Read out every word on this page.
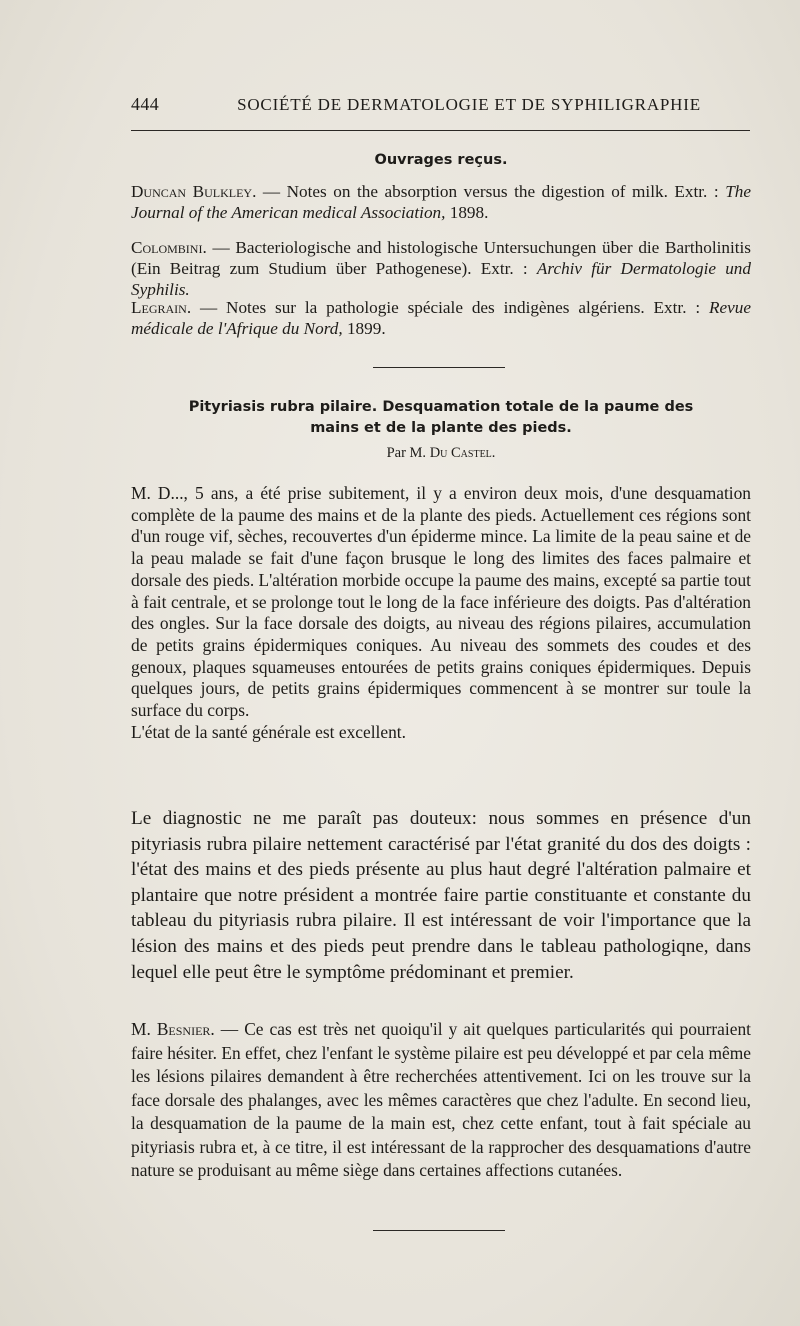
444	SOCIÉTÉ DE DERMATOLOGIE ET DE SYPHILIGRAPHIE
Ouvrages reçus.
Duncan Bulkley. — Notes on the absorption versus the digestion of milk. Extr. : The Journal of the American medical Association, 1898.
Colombini. — Bacteriologische and histologische Untersuchungen über die Bartholinitis (Ein Beitrag zum Studium über Pathogenese). Extr. : Archiv für Dermatologie und Syphilis.
Legrain. — Notes sur la pathologie spéciale des indigènes algériens. Extr. : Revue médicale de l'Afrique du Nord, 1899.
Pityriasis rubra pilaire. Desquamation totale de la paume des
mains et de la plante des pieds.
Par M. Du Castel.

M. D..., 5 ans, a été prise subitement, il y a environ deux mois, d'une desquamation complète de la paume des mains et de la plante des pieds. Actuellement ces régions sont d'un rouge vif, sèches, recouvertes d'un épiderme mince. La limite de la peau saine et de la peau malade se fait d'une façon brusque le long des limites des faces palmaire et dorsale des pieds. L'altération morbide occupe la paume des mains, excepté sa partie tout à fait centrale, et se prolonge tout le long de la face inférieure des doigts. Pas d'altération des ongles. Sur la face dorsale des doigts, au niveau des régions pilaires, accumulation de petits grains épidermiques coniques. Au niveau des sommets des coudes et des genoux, plaques squameuses entourées de petits grains coniques épidermiques. Depuis quelques jours, de petits grains épidermiques commencent à se montrer sur toule la surface du corps.

L'état de la santé générale est excellent.

Le diagnostic ne me paraît pas douteux: nous sommes en présence d'un pityriasis rubra pilaire nettement caractérisé par l'état granité du dos des doigts : l'état des mains et des pieds présente au plus haut degré l'altération palmaire et plantaire que notre président a montrée faire partie constituante et constante du tableau du pityriasis rubra pilaire. Il est intéressant de voir l'importance que la lésion des mains et des pieds peut prendre dans le tableau pathologiqne, dans lequel elle peut être le symptôme prédominant et premier.

M. Besnier. — Ce cas est très net quoiqu'il y ait quelques particularités qui pourraient faire hésiter. En effet, chez l'enfant le système pilaire est peu développé et par cela même les lésions pilaires demandent à être recherchées attentivement. Ici on les trouve sur la face dorsale des phalanges, avec les mêmes caractères que chez l'adulte. En second lieu, la desquamation de la paume de la main est, chez cette enfant, tout à fait spéciale au pityriasis rubra et, à ce titre, il est intéressant de la rapprocher des desquamations d'autre nature se produisant au même siège dans certaines affections cutanées.
